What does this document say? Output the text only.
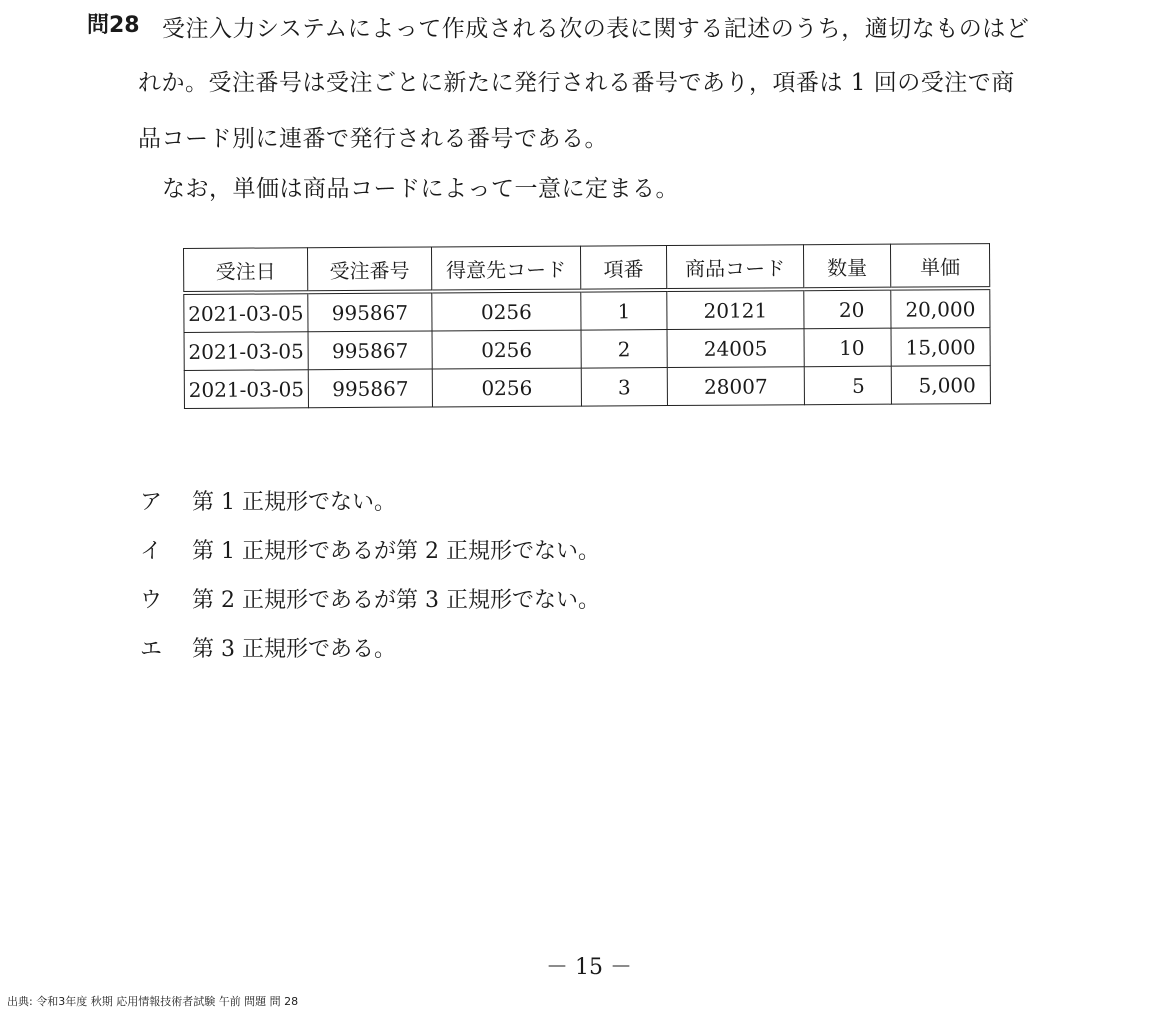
問28 受注入力システムによって作成される次の表に関する記述のうち，適切なものはど
れか。受注番号は受注ごとに新たに発行される番号であり，項番は 1 回の受注で商
品コード別に連番で発行される番号である。
なお，単価は商品コードによって一意に定まる。
受注日	受注番号	得意先コード	項番	商品コード	数量	単価
2021-03-05	995867	0256	1	20121	20	20,000
2021-03-05	995867	0256	2	24005	10	15,000
2021-03-05	995867	0256	3	28007	5	5,000
ア 第 1 正規形でない。
イ 第 1 正規形であるが第 2 正規形でない。
ウ 第 2 正規形であるが第 3 正規形でない。
エ 第 3 正規形である。
－ 15 －
出典: 令和3年度 秋期 応用情報技術者試験 午前 問題 問 28
